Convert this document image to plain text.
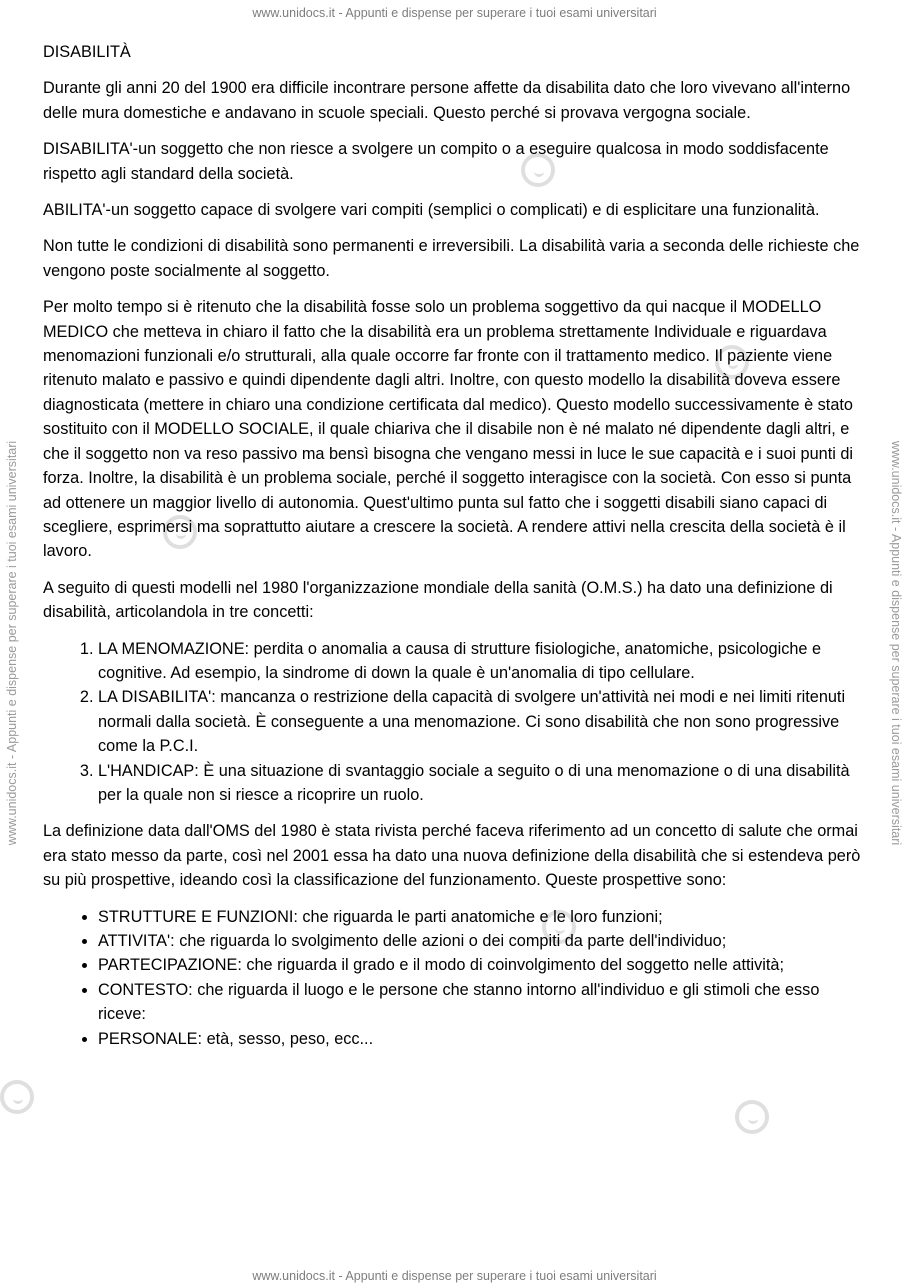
www.unidocs.it - Appunti e dispense per superare i tuoi esami universitari
www.unidocs.it - Appunti e dispense per superare i tuoi esami universitari	www.unidocs.it - Appunti e dispense per superare i tuoi esami universitari

DISABILITÀ

Durante gli anni 20 del 1900 era difficile incontrare persone affette da disabilita dato che loro vivevano all'interno delle mura domestiche e andavano in scuole speciali. Questo perché si provava vergogna sociale.

DISABILITA'-un soggetto che non riesce a svolgere un compito o a eseguire qualcosa in modo soddisfacente rispetto agli standard della società.

ABILITA'-un soggetto capace di svolgere vari compiti (semplici o complicati) e di esplicitare una funzionalità.

Non tutte le condizioni di disabilità sono permanenti e irreversibili. La disabilità varia a seconda delle richieste che vengono poste socialmente al soggetto.

Per molto tempo si è ritenuto che la disabilità fosse solo un problema soggettivo da qui nacque il MODELLO MEDICO che metteva in chiaro il fatto che la disabilità era un problema strettamente Individuale e riguardava menomazioni funzionali e/o strutturali, alla quale occorre far fronte con il trattamento medico. Il paziente viene ritenuto malato e passivo e quindi dipendente dagli altri. Inoltre, con questo modello la disabilità doveva essere diagnosticata (mettere in chiaro una condizione certificata dal medico). Questo modello successivamente è stato sostituito con il MODELLO SOCIALE, il quale chiariva che il disabile non è né malato né dipendente dagli altri, e che il soggetto non va reso passivo ma bensì bisogna che vengano messi in luce le sue capacità e i suoi punti di forza. Inoltre, la disabilità è un problema sociale, perché il soggetto interagisce con la società. Con esso si punta ad ottenere un maggior livello di autonomia. Quest'ultimo punta sul fatto che i soggetti disabili siano capaci di scegliere, esprimersi ma soprattutto aiutare a crescere la società. A rendere attivi nella crescita della società è il lavoro.

A seguito di questi modelli nel 1980 l'organizzazione mondiale della sanità (O.M.S.) ha dato una definizione di disabilità, articolandola in tre concetti:

1. LA MENOMAZIONE: perdita o anomalia a causa di strutture fisiologiche, anatomiche, psicologiche e cognitive. Ad esempio, la sindrome di down la quale è un'anomalia di tipo cellulare.
2. LA DISABILITA': mancanza o restrizione della capacità di svolgere un'attività nei modi e nei limiti ritenuti normali dalla società. È conseguente a una menomazione. Ci sono disabilità che non sono progressive come la P.C.I.
3. L'HANDICAP: È una situazione di svantaggio sociale a seguito o di una menomazione o di una disabilità per la quale non si riesce a ricoprire un ruolo.

La definizione data dall'OMS del 1980 è stata rivista perché faceva riferimento ad un concetto di salute che ormai era stato messo da parte, così nel 2001 essa ha dato una nuova definizione della disabilità che si estendeva però su più prospettive, ideando così la classificazione del funzionamento. Queste prospettive sono:

• STRUTTURE E FUNZIONI: che riguarda le parti anatomiche e le loro funzioni;
• ATTIVITA': che riguarda lo svolgimento delle azioni o dei compiti da parte dell'individuo;
• PARTECIPAZIONE: che riguarda il grado e il modo di coinvolgimento del soggetto nelle attività;
• CONTESTO: che riguarda il luogo e le persone che stanno intorno all'individuo e gli stimoli che esso riceve:
• PERSONALE: età, sesso, peso, ecc...
www.unidocs.it - Appunti e dispense per superare i tuoi esami universitari
